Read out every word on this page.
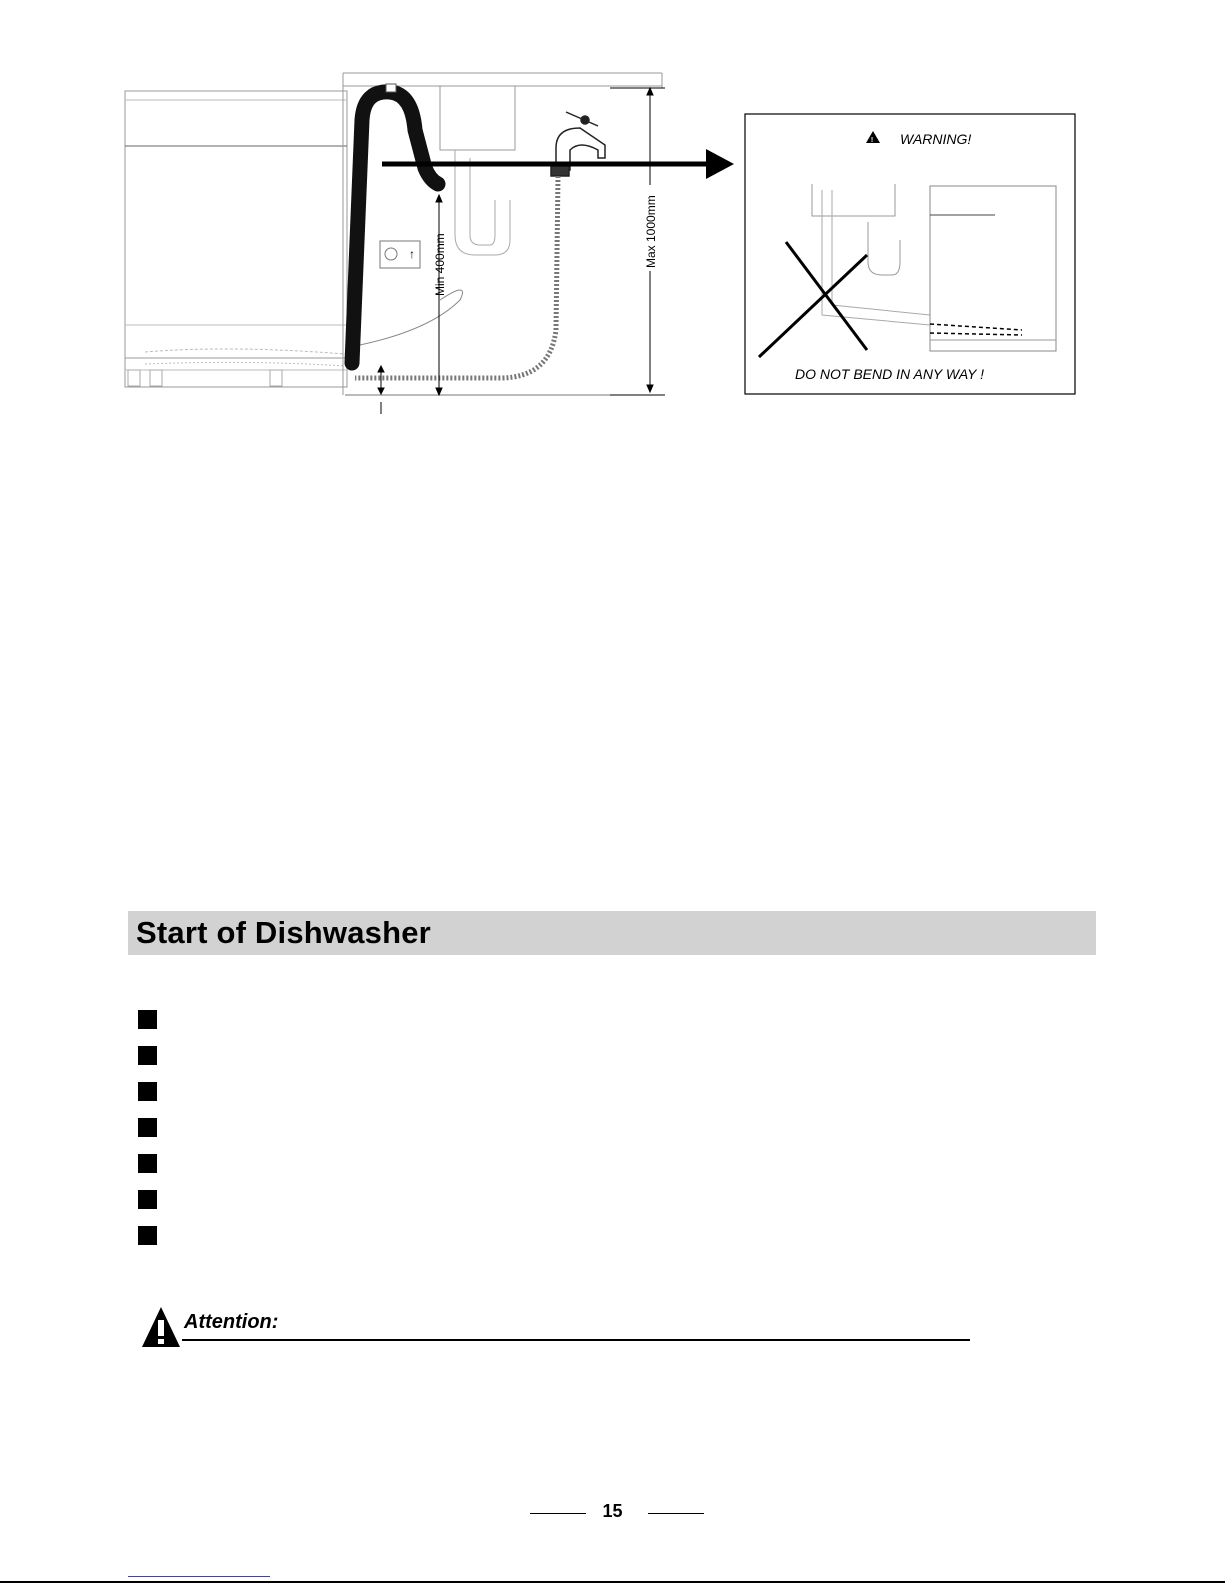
↑ Min 400mm	Max 1000mm
! WARNING!
DO NOT BEND IN ANY WAY !
Start of Dishwasher
Attention:
15
